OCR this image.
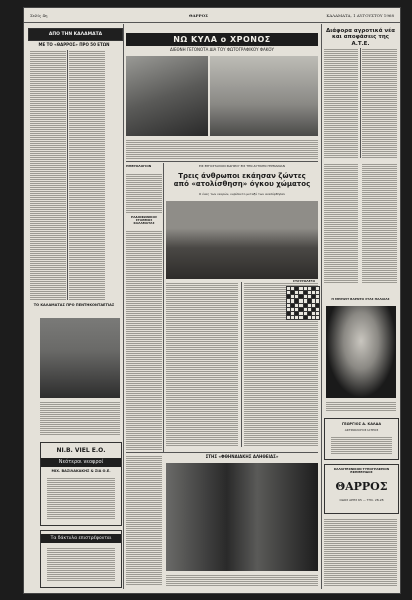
Σελίς 4η	ΘΑΡΡΟΣ	ΚΑΛΑΜΑΤΑ, 1 ΑΥΓΟΥΣΤΟΥ 1968
ΑΠΟ ΤΗΝ ΚΑΛΑΜΑΤΑ
ΜΕ ΤΟ «ΘΑΡΡΟΣ» ΠΡΟ 50 ΕΤΩΝ
ΤΟ ΚΑΛΑΜΑΤΑΣ ΠΡΟ ΠΕΝΤΗΚΟΝΤΑΕΤΙΑΣ
ΝΙ.Β. VIEL Ε.Ο.
Νεότεροι νεοφροί
ΜΙΧ. ΒΑΣΙΛΑΚΑΚΗΣ & ΣΙΑ Ο.Ε.
Τα δάκτυλα επιστρέφονται
ΝΩ ΚΥΛΑ ο ΧΡΟΝΟΣ
ΔΙΕΘΝΗ ΓΕΓΟΝΟΤΑ ΔΙΑ ΤΟΥ ΦΩΤΟΓΡΑΦΙΚΟΥ ΦΑΚΟΥ
ΗΜΕΡΟΛΟΓΙΟΝ
ΡΑΔΙΟΦΩΝΙΚΟΣ ΣΤΑΘΜΟΣ ΚΑΛΑΜΑΤΑΣ
ΕΙΣ ΕΡΓΟΣΤΑΣΙΟΝ ΣΙΔΗΡΟΥ ΕΙΣ ΤΗΝ ΔΥΤΙΚΗΝ ΓΕΡΜΑΝΙΑΝ
Τρεις άνθρωποι εκάησαν ζώντες από «ατολίσθηση» όγκου χώματος
Ο ένας των νεκρών, ευρίσκετο μεταξύ των ανεσύρθησαν
ΣΤΗΣ «ΦΘΗΝΑΙΑΚΗΣ ΑΛΗΘΕΙΑΣ»
Διάφορα αγροτικά νέα και αποφάσεις της Α.Τ.Ε.
ΣΤΑΥΡΟΛΕΞΟ
Η ΜΠΡΙΖΙΤ ΒΑΡΝΤΟ ΣΤΑΣ ΠΑΛΑΙΑΣ
ΓΕΩΡΓΙΟΣ Δ. ΚΑΛΔΑ
ΑΚΤΙΝΟΛΟΓΟΣ ΙΑΤΡΟΣ
ΚΑΛΛΙΤΕΧΝΙΚΟΝ ΤΥΠΟΓΡΑΦΕΙΟΝ ΕΦΗΜΕΡΙΔΟΣ
ΘΑΡΡΟΣ
ΟΔΟΣ ΑΡΗΣ 65 — ΤΗΛ. 28-28
